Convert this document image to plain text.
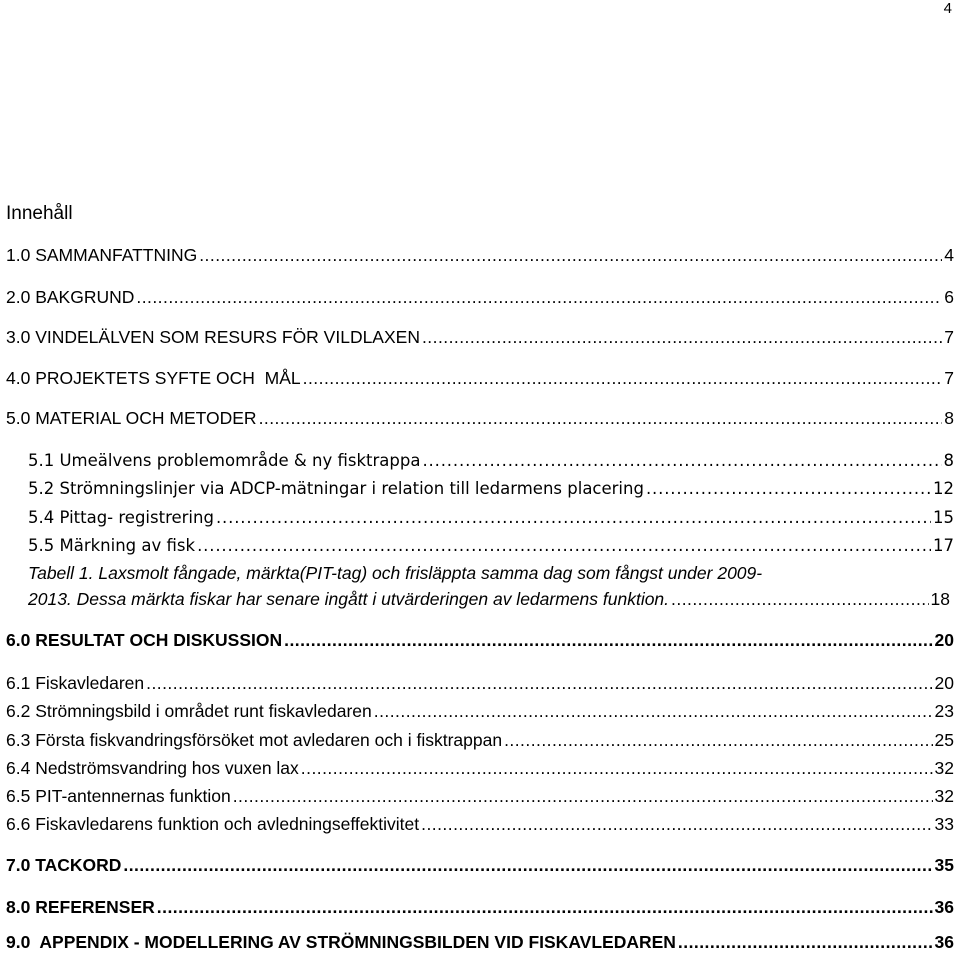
4
Innehåll
1.0 SAMMANFATTNING . . .	4
2.0 BAKGRUND . . .	6
3.0 VINDELÄLVEN SOM RESURS FÖR VILDLAXEN . . .	7
4.0 PROJEKTETS SYFTE OCH  MÅL . . .	7
5.0 MATERIAL OCH METODER . . .	8
5.1 Umeälvens problemområde & ny fisktrappa . . .	8
5.2 Strömningslinjer via ADCP-mätningar i relation till ledarmens placering . . .	12
5.4 Pittag- registrering . . .	15
5.5 Märkning av fisk . . .	17
Tabell 1. Laxsmolt fångade, märkta(PIT-tag) och frisläppta samma dag som fångst under 2009-
2013. Dessa märkta fiskar har senare ingått i utvärderingen av ledarmens funktion. . . .	18
6.0 RESULTAT OCH DISKUSSION . . .	20
6.1 Fiskavledaren . . .	20
6.2 Strömningsbild i området runt fiskavledaren . . .	23
6.3 Första fiskvandringsförsöket mot avledaren och i fisktrappan . . .	25
6.4 Nedströmsvandring hos vuxen lax . . .	32
6.5 PIT-antennernas funktion . . .	32
6.6 Fiskavledarens funktion och avledningseffektivitet . . .	33
7.0 TACKORD . . .	35
8.0 REFERENSER . . .	36
9.0  APPENDIX - MODELLERING AV STRÖMNINGSBILDEN VID FISKAVLEDAREN . . .	36
